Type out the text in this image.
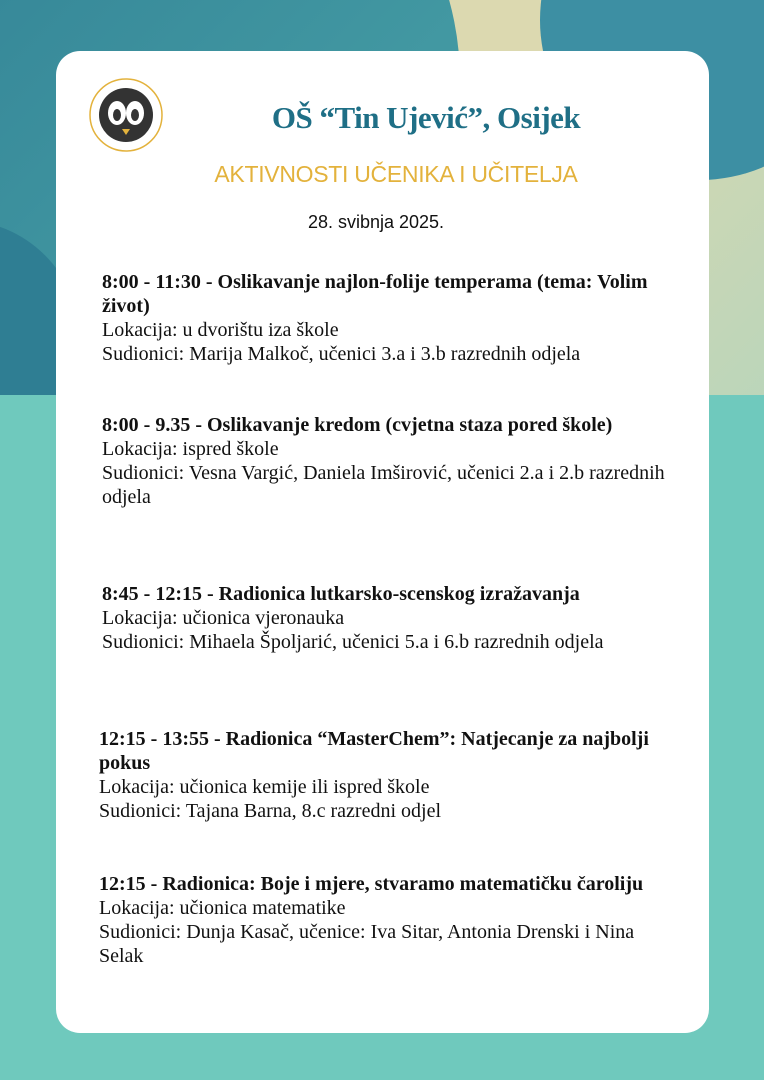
OŠ “Tin Ujević”, Osijek
AKTIVNOSTI UČENIKA I UČITELJA
28. svibnja 2025.
8:00 - 11:30 - Oslikavanje najlon-folije temperama (tema: Volim život)
Lokacija: u dvorištu iza škole
Sudionici: Marija Malkoč, učenici 3.a i 3.b razrednih odjela
8:00 - 9.35 - Oslikavanje kredom (cvjetna staza pored škole)
Lokacija: ispred škole
Sudionici: Vesna Vargić, Daniela Imširović, učenici 2.a i 2.b razrednih odjela
8:45 - 12:15 - Radionica lutkarsko-scenskog izražavanja
Lokacija: učionica vjeronauka
Sudionici: Mihaela Špoljarić, učenici 5.a i 6.b razrednih odjela
12:15 - 13:55 - Radionica “MasterChem”: Natjecanje za najbolji pokus
Lokacija: učionica kemije ili ispred škole
Sudionici: Tajana Barna, 8.c razredni odjel
12:15 - Radionica: Boje i mjere, stvaramo matematičku čaroliju
Lokacija: učionica matematike
Sudionici: Dunja Kasač, učenice: Iva Sitar, Antonia Drenski i Nina Selak
